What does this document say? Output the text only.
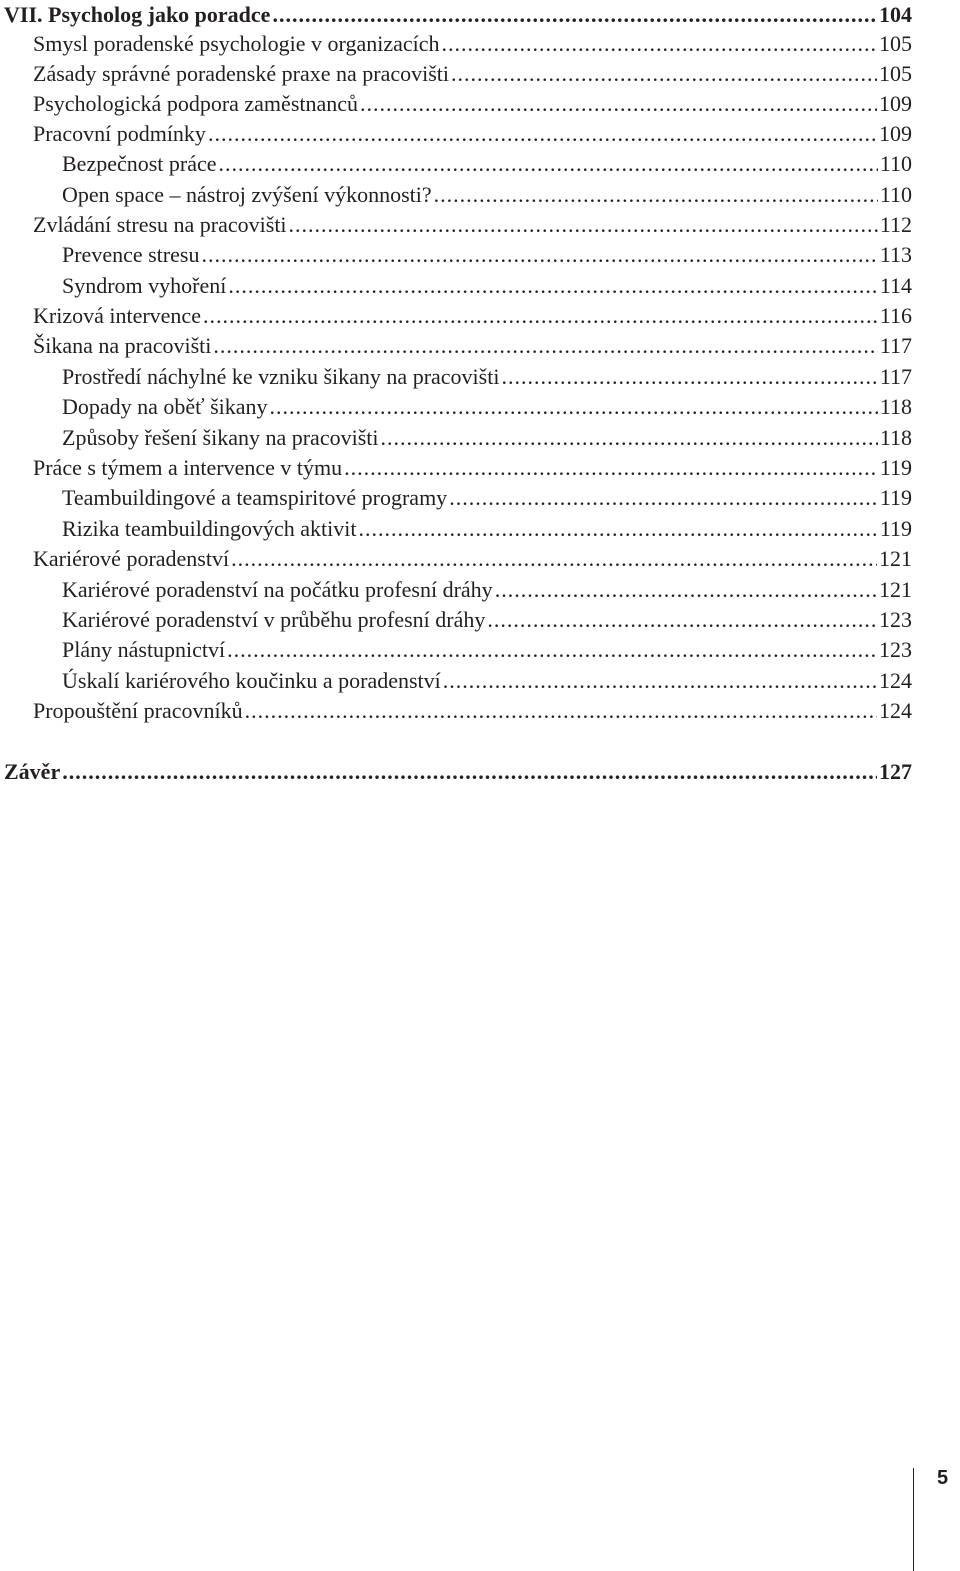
VII. Psycholog jako poradce .....	104
Smysl poradenské psychologie v organizacích .....	105
Zásady správné poradenské praxe na pracovišti .....	105
Psychologická podpora zaměstnanců .....	109
Pracovní podmínky .....	109
Bezpečnost práce .....	110
Open space – nástroj zvýšení výkonnosti? .....	110
Zvládání stresu na pracovišti .....	112
Prevence stresu .....	113
Syndrom vyhoření .....	114
Krizová intervence .....	116
Šikana na pracovišti .....	117
Prostředí náchylné ke vzniku šikany na pracovišti .....	117
Dopady na oběť šikany .....	118
Způsoby řešení šikany na pracovišti .....	118
Práce s týmem a intervence v týmu .....	119
Teambuildingové a teamspiritové programy .....	119
Rizika teambuildingových aktivit .....	119
Kariérové poradenství .....	121
Kariérové poradenství na počátku profesní dráhy .....	121
Kariérové poradenství v průběhu profesní dráhy .....	123
Plány nástupnictví .....	123
Úskalí kariérového koučinku a poradenství .....	124
Propouštění pracovníků .....	124
Závěr .....	127
5
